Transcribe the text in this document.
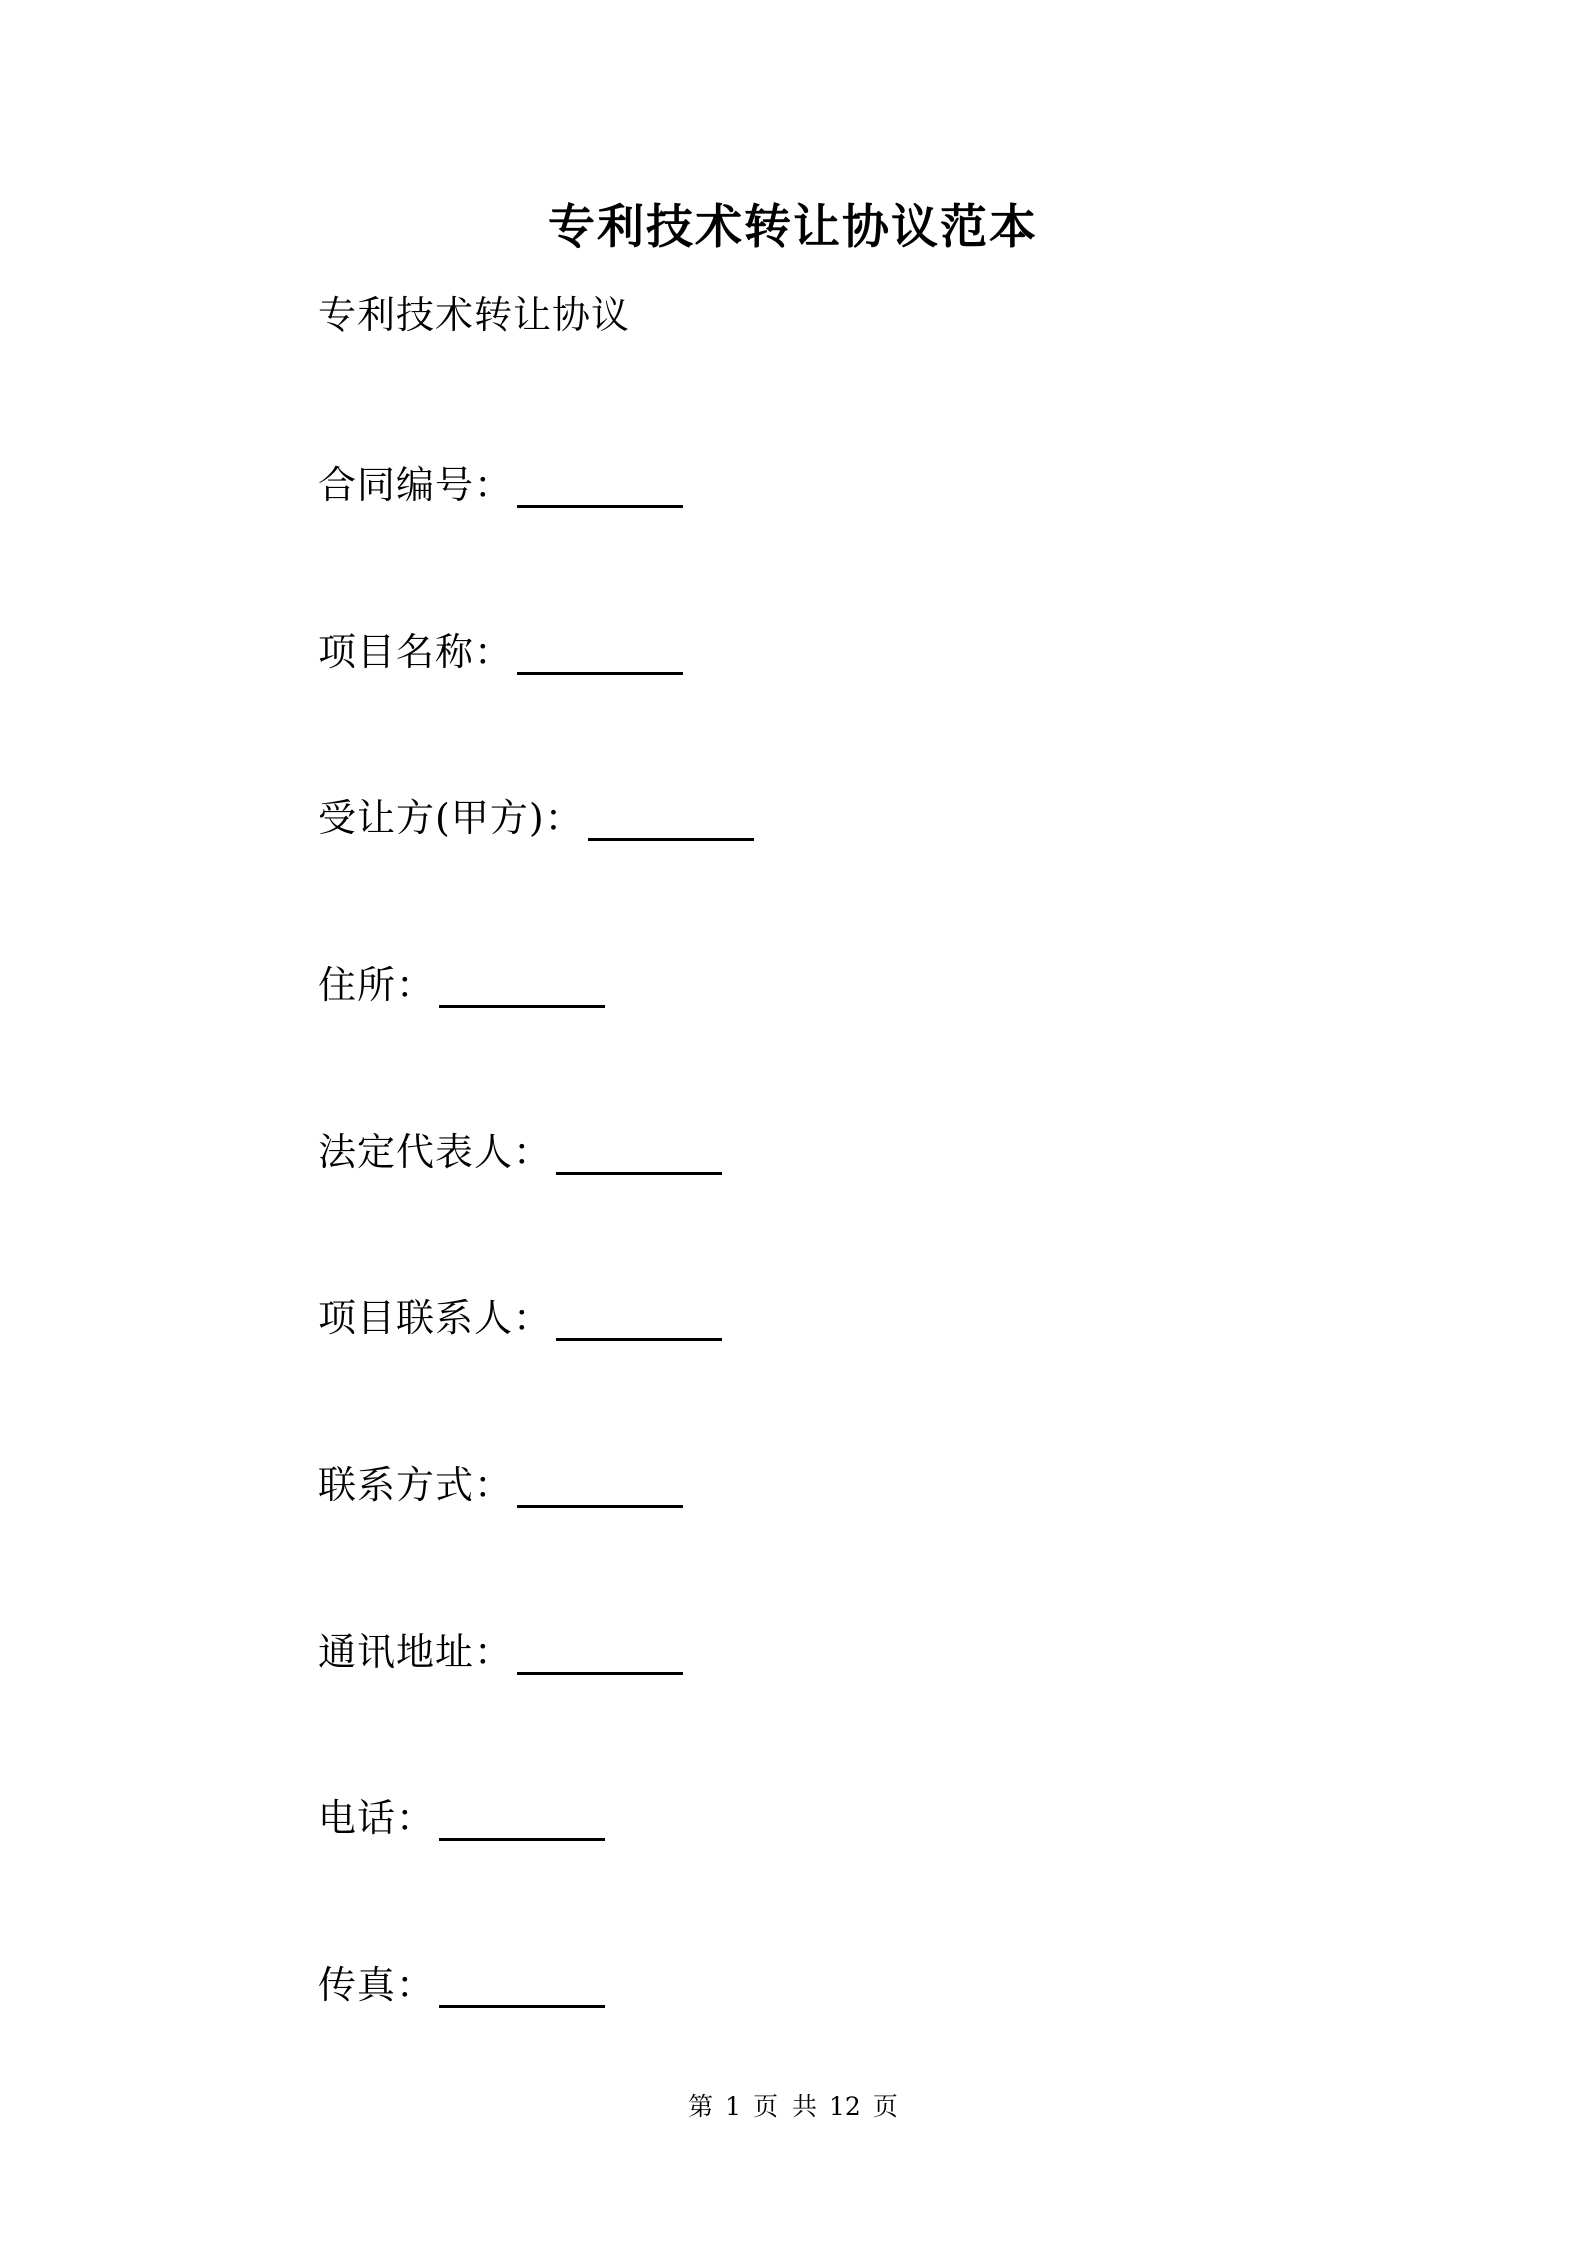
专利技术转让协议范本
专利技术转让协议
合同编号：
项目名称：
受让方(甲方)：
住所：
法定代表人：
项目联系人：
联系方式：
通讯地址：
电话：
传真：
第 1 页 共 12 页
